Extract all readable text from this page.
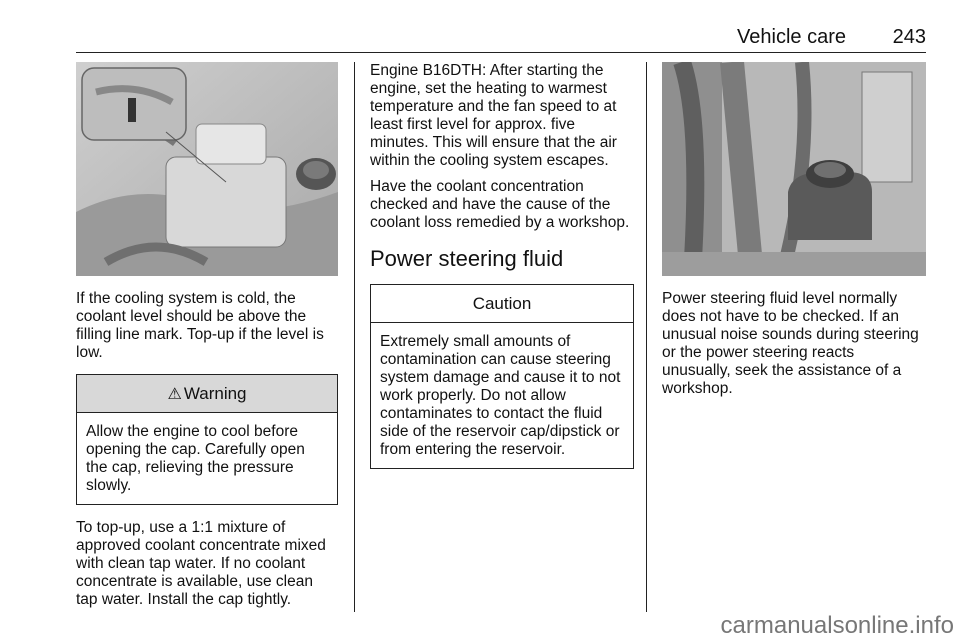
Vehicle care 243

If the cooling system is cold, the coolant level should be above the filling line mark. Top-up if the level is low.

⚠ Warning
Allow the engine to cool before opening the cap. Carefully open the cap, relieving the pressure slowly.

To top-up, use a 1:1 mixture of approved coolant concentrate mixed with clean tap water. If no coolant concentrate is available, use clean tap water. Install the cap tightly.

Engine B16DTH: After starting the engine, set the heating to warmest temperature and the fan speed to at least first level for approx. five minutes. This will ensure that the air within the cooling system escapes.

Have the coolant concentration checked and have the cause of the coolant loss remedied by a workshop.

Power steering fluid
Caution
Extremely small amounts of contamination can cause steering system damage and cause it to not work properly. Do not allow contaminates to contact the fluid side of the reservoir cap/dipstick or from entering the reservoir.

Power steering fluid level normally does not have to be checked. If an unusual noise sounds during steering or the power steering reacts unusually, seek the assistance of a workshop.

carmanualsonline.info
